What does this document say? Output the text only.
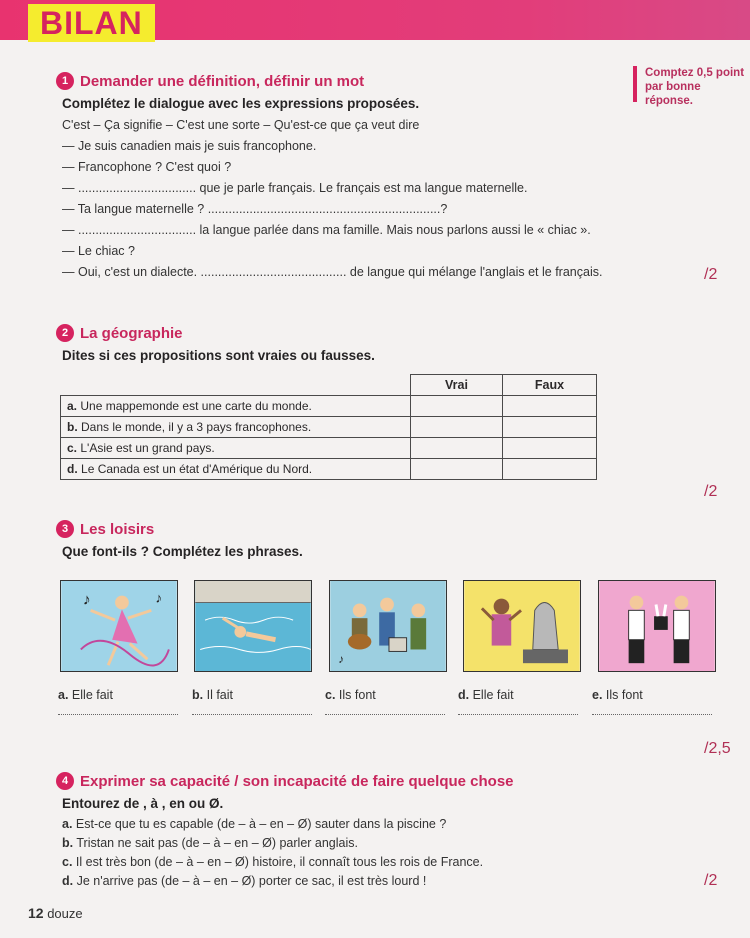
BILAN
Comptez 0,5 point
par bonne réponse.
1 Demander une définition, définir un mot
Complétez le dialogue avec les expressions proposées.
C'est – Ça signifie – C'est une sorte – Qu'est-ce que ça veut dire
— Je suis canadien mais je suis francophone.
— Francophone ? C'est quoi ?
— .................................. que je parle français. Le français est ma langue maternelle.
— Ta langue maternelle ? ...................................................................?
— .................................. la langue parlée dans ma famille. Mais nous parlons aussi le « chiac ».
— Le chiac ?
— Oui, c'est un dialecte. .......................................... de langue qui mélange l'anglais et le français.	/2
2 La géographie
Dites si ces propositions sont vraies ou fausses.
	Vrai	Faux
a. Une mappemonde est une carte du monde.		
b. Dans le monde, il y a 3 pays francophones.		
c. L'Asie est un grand pays.		
d. Le Canada est un état d'Amérique du Nord.		
/2
3 Les loisirs
Que font-ils ? Complétez les phrases.
♪	♪
♪
a. Elle fait	b. Il fait	c. Ils font	d. Elle fait	e. Ils font
/2,5
4 Exprimer sa capacité / son incapacité de faire quelque chose
Entourez de , à , en ou Ø.
a. Est-ce que tu es capable (de – à – en – Ø) sauter dans la piscine ?
b. Tristan ne sait pas (de – à – en – Ø) parler anglais.
c. Il est très bon (de – à – en – Ø) histoire, il connaît tous les rois de France.
d. Je n'arrive pas (de – à – en – Ø) porter ce sac, il est très lourd !	/2
12 douze
